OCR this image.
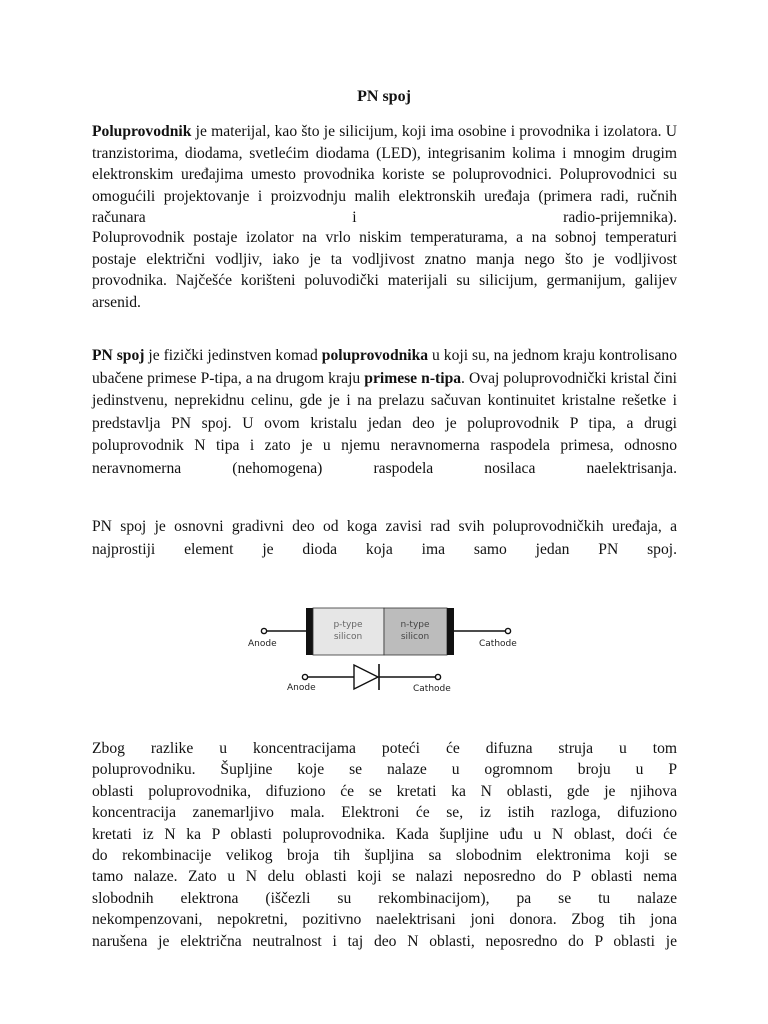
PN spoj

Poluprovodnik je materijal, kao što je silicijum, koji ima osobine i provodnika i izolatora. U tranzistorima, diodama, svetlećim diodama (LED), integrisanim kolima i mnogim drugim elektronskim uređajima umesto provodnika koriste se poluprovodnici. Poluprovodnici su omogućili projektovanje i proizvodnju malih elektronskih uređaja (primera radi, ručnih računara i radio-prijemnika).

Poluprovodnik postaje izolator na vrlo niskim temperaturama, a na sobnoj temperaturi postaje električni vodljiv, iako je ta vodljivost znatno manja nego što je vodljivost provodnika. Najčešće korišteni poluvodički materijali su silicijum, germanijum, galijev arsenid.

PN spoj je fizički jedinstven komad poluprovodnika u koji su, na jednom kraju kontrolisano ubačene primese P-tipa, a na drugom kraju primese n-tipa. Ovaj poluprovodnički kristal čini jedinstvenu, neprekidnu celinu, gde je i na prelazu sačuvan kontinuitet kristalne rešetke i predstavlja PN spoj. U ovom kristalu jedan deo je poluprovodnik P tipa, a drugi poluprovodnik N tipa i zato je u njemu neravnomerna raspodela primesa, odnosno neravnomerna (nehomogena) raspodela nosilaca naelektrisanja.

PN spoj je osnovni gradivni deo od koga zavisi rad svih poluprovodničkih uređaja, a najprostiji element je dioda koja ima samo jedan PN spoj.

p-type
silicon
n-type
silicon
Anode	Cathode
Anode	Cathode
Zbog razlike u koncentracijama poteći će difuzna struja u tom
poluprovodniku. Šupljine koje se nalaze u ogromnom broju u P
oblasti poluprovodnika, difuziono će se kretati ka N oblasti, gde je njihova
koncentracija zanemarljivo mala. Elektroni će se, iz istih razloga, difuziono
kretati iz N ka P oblasti poluprovodnika. Kada šupljine uđu u N oblast, doći će
do rekombinacije velikog broja tih šupljina sa slobodnim elektronima koji se
tamo nalaze. Zato u N delu oblasti koji se nalazi neposredno do P oblasti nema
slobodnih elektrona (iščezli su rekombinacijom), pa se tu nalaze
nekompenzovani, nepokretni, pozitivno naelektrisani joni donora. Zbog tih jona
narušena je električna neutralnost i taj deo N oblasti, neposredno do P oblasti je
